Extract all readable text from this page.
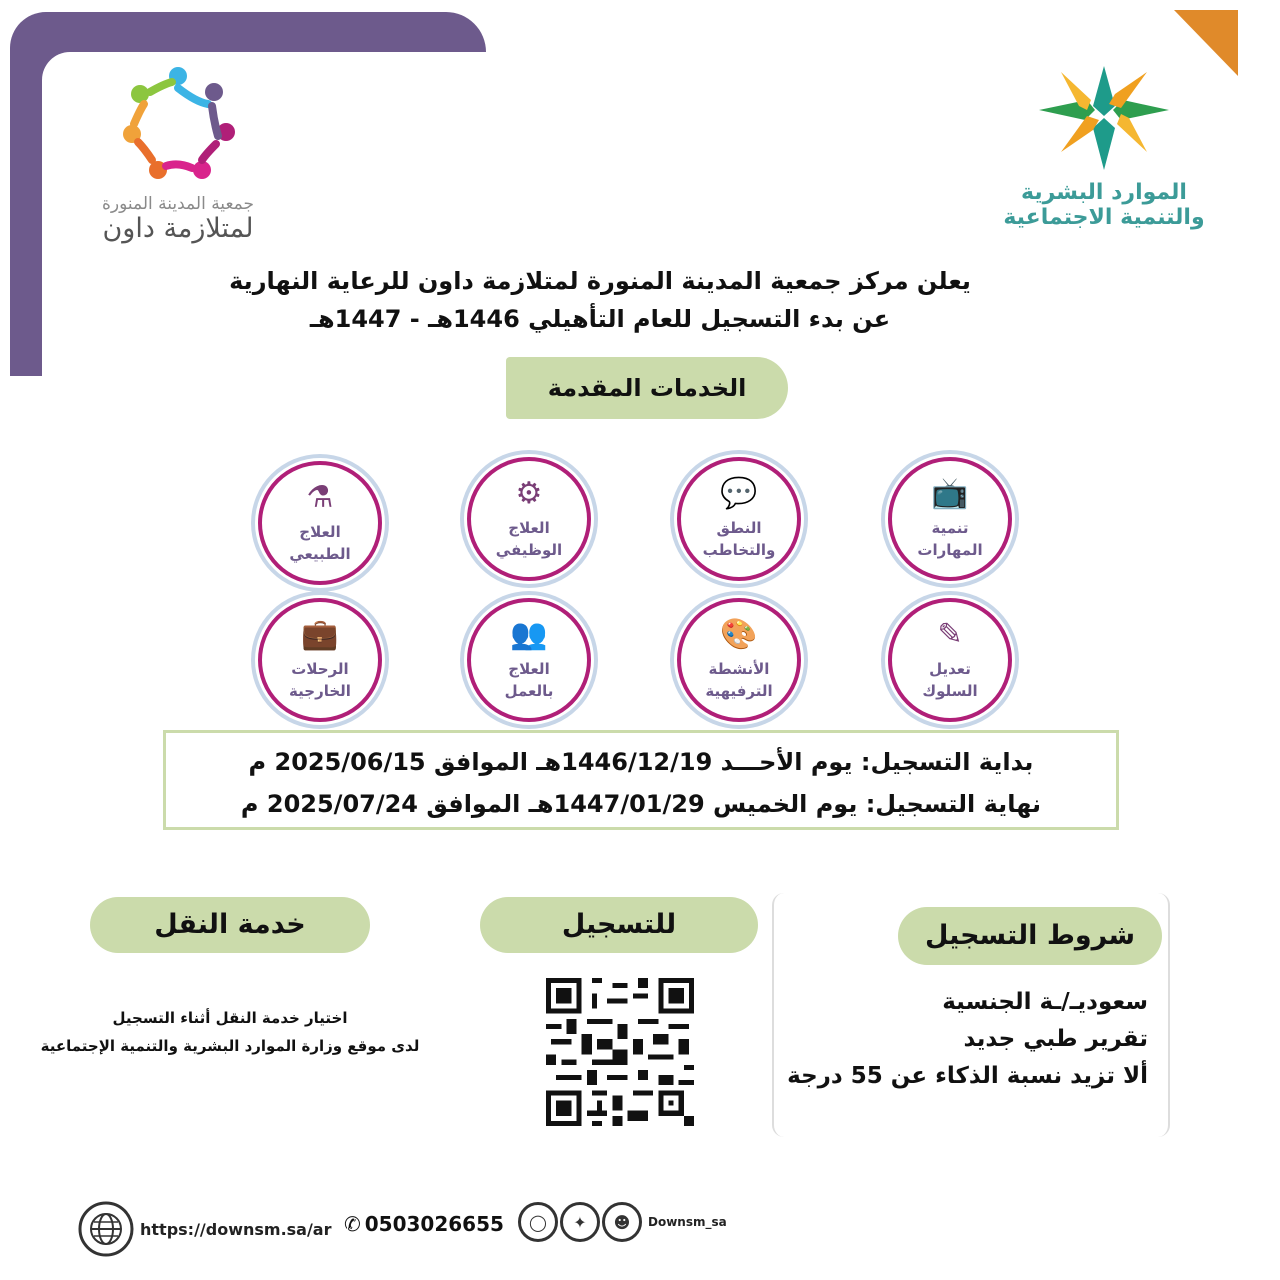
جمعية المدينة المنورة
لمتلازمة داون
الموارد البشرية
والتنمية الاجتماعية
يعلن مركز جمعية المدينة المنورة لمتلازمة داون للرعاية النهارية
عن بدء التسجيل للعام التأهيلي 1446هـ - 1447هـ
الخدمات المقدمة
📺
تنمية
المهارات
💬
النطق
والتخاطب
⚙
العلاج
الوظيفي
⚗
العلاج
الطبيعي
✎
تعديل
السلوك
🎨
الأنشطة
الترفيهية
👥
العلاج
بالعمل
💼
الرحلات
الخارجية
بداية التسجيل: يوم الأحـــد 1446/12/19هـ الموافق 2025/06/15 م
نهاية التسجيل: يوم الخميس 1447/01/29هـ الموافق 2025/07/24 م
خدمة النقل
اختيار خدمة النقل أثناء التسجيل
لدى موقع وزارة الموارد البشرية والتنمية الإجتماعية
للتسجيل	شروط التسجيل
سعوديـ/ـة الجنسية
تقرير طبي جديد
ألا تزيد نسبة الذكاء عن 55 درجة
https://downsm.sa/ar ✆ 0503026655	◯	✦	☻	Downsm_sa
